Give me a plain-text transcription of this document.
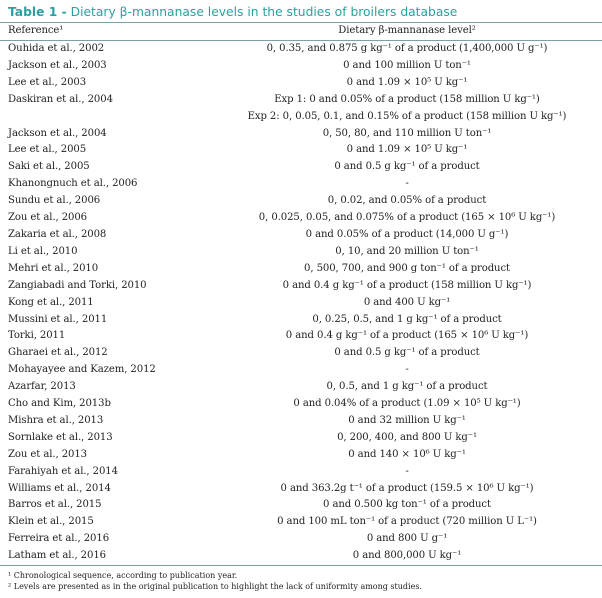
Table 1 - Dietary β-mannanase levels in the studies of broilers database
Reference¹	Dietary β-mannanase level²
Ouhida et al., 2002	0, 0.35, and 0.875 g kg⁻¹ of a product (1,400,000 U g⁻¹)
Jackson et al., 2003	0 and 100 million U ton⁻¹
Lee et al., 2003	0 and 1.09 × 10⁵ U kg⁻¹
Daskiran et al., 2004	Exp 1: 0 and 0.05% of a product (158 million U kg⁻¹)
	Exp 2: 0, 0.05, 0.1, and 0.15% of a product (158 million U kg⁻¹)
Jackson et al., 2004	0, 50, 80, and 110 million U ton⁻¹
Lee et al., 2005	0 and 1.09 × 10⁵ U kg⁻¹
Saki et al., 2005	0 and 0.5 g kg⁻¹ of a product
Khanongnuch et al., 2006	-
Sundu et al., 2006	0, 0.02, and 0.05% of a product
Zou et al., 2006	0, 0.025, 0.05, and 0.075% of a product (165 × 10⁶ U kg⁻¹)
Zakaria et al., 2008	0 and 0.05% of a product (14,000 U g⁻¹)
Li et al., 2010	0, 10, and 20 million U ton⁻¹
Mehri et al., 2010	0, 500, 700, and 900 g ton⁻¹ of a product
Zangiabadi and Torki, 2010	0 and 0.4 g kg⁻¹ of a product (158 million U kg⁻¹)
Kong et al., 2011	0 and 400 U kg⁻¹
Mussini et al., 2011	0, 0.25, 0.5, and 1 g kg⁻¹ of a product
Torki, 2011	0 and 0.4 g kg⁻¹ of a product (165 × 10⁶ U kg⁻¹)
Gharaei et al., 2012	0 and 0.5 g kg⁻¹ of a product
Mohayayee and Kazem, 2012	-
Azarfar, 2013	0, 0.5, and 1 g kg⁻¹ of a product
Cho and Kim, 2013b	0 and 0.04% of a product (1.09 × 10⁵ U kg⁻¹)
Mishra et al., 2013	0 and 32 million U kg⁻¹
Sornlake et al., 2013	0, 200, 400, and 800 U kg⁻¹
Zou et al., 2013	0 and 140 × 10⁶ U kg⁻¹
Farahiyah et al., 2014	-
Williams et al., 2014	0 and 363.2g t⁻¹ of a product (159.5 × 10⁶ U kg⁻¹)
Barros et al., 2015	0 and 0.500 kg ton⁻¹ of a product
Klein et al., 2015	0 and 100 mL ton⁻¹ of a product (720 million U L⁻¹)
Ferreira et al., 2016	0 and 800 U g⁻¹
Latham et al., 2016	0 and 800,000 U kg⁻¹
¹ Chronological sequence, according to publication year.
² Levels are presented as in the original publication to highlight the lack of uniformity among studies.
